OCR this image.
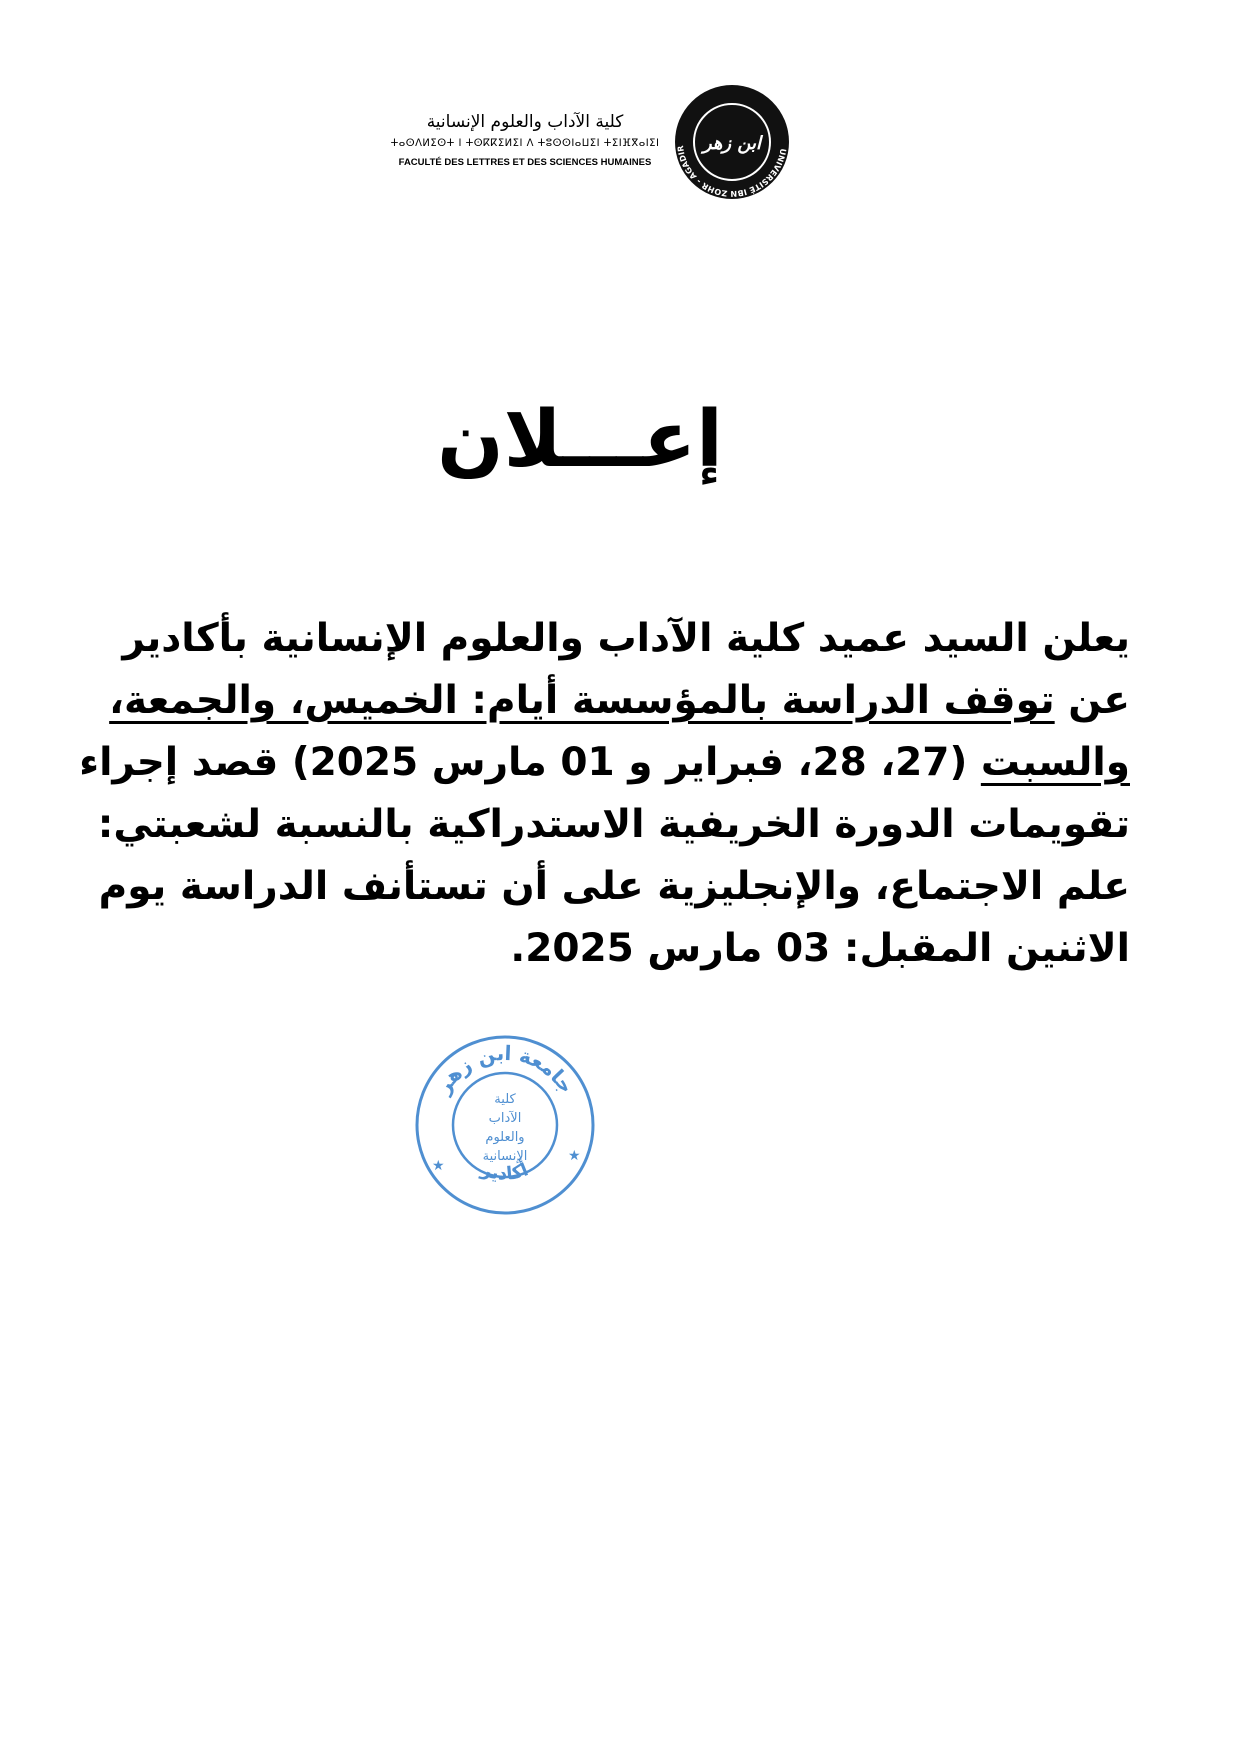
كلية الآداب والعلوم الإنسانية
ⵜⴰⵙⴷⵍⵉⵙⵜ ⵏ ⵜⵙⴽⴽⵉⵍⵉⵏ ⴷ ⵜⵓⵙⵙⵏⴰⵡⵉⵏ ⵜⵉⵏⴼⴳⴰⵏⵉⵏ
FACULTÉ DES LETTRES ET DES SCIENCES HUMAINES
UNIVERSITÉ IBN ZOHR - AGADIR ابن زهر
إعـــلان
يعلن السيد عميد كلية الآداب والعلوم الإنسانية بأكادير
عن توقف الدراسة بالمؤسسة أيام: الخميس، والجمعة،
والسبت (27، 28، فبراير و 01 مارس 2025) قصد إجراء
تقويمات الدورة الخريفية الاستدراكية بالنسبة لشعبتي:
علم الاجتماع، والإنجليزية على أن تستأنف الدراسة يوم
الاثنين المقبل: 03 مارس 2025.
جامعة ابن زهر
أكادير
كلية
الآداب
والعلوم
الإنسانية
★
★
